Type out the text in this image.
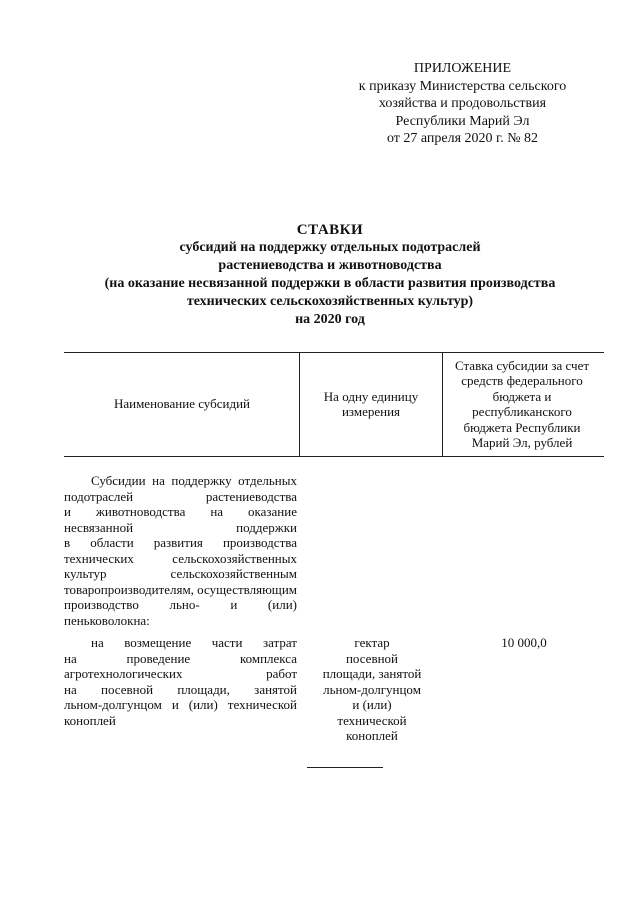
ПРИЛОЖЕНИЕ
к приказу Министерства сельского
хозяйства и продовольствия
Республики Марий Эл
от 27 апреля 2020 г. № 82
СТАВКИ
субсидий на поддержку отдельных подотраслей
растениеводства и животноводства
(на оказание несвязанной поддержки в области развития производства
технических сельскохозяйственных культур)
на 2020 год
Наименование субсидий
На одну единицу измерения
Ставка субсидии за счет средств федерального бюджета и республиканского бюджета Республики Марий Эл, рублей
Субсидии на поддержку отдельных
подотраслей растениеводства
и животноводства на оказание
несвязанной поддержки
в области развития производства
технических сельскохозяйственных
культур сельскохозяйственным
товаропроизводителям, осуществляющим
производство льно- и (или)
пеньковолокна:
на возмещение части затрат
на проведение комплекса
агротехнологических работ
на посевной площади, занятой
льном-долгунцом и (или) технической
коноплей
гектар
посевной
площади, занятой
льном-долгунцом
и (или)
технической
коноплей
10 000,0
